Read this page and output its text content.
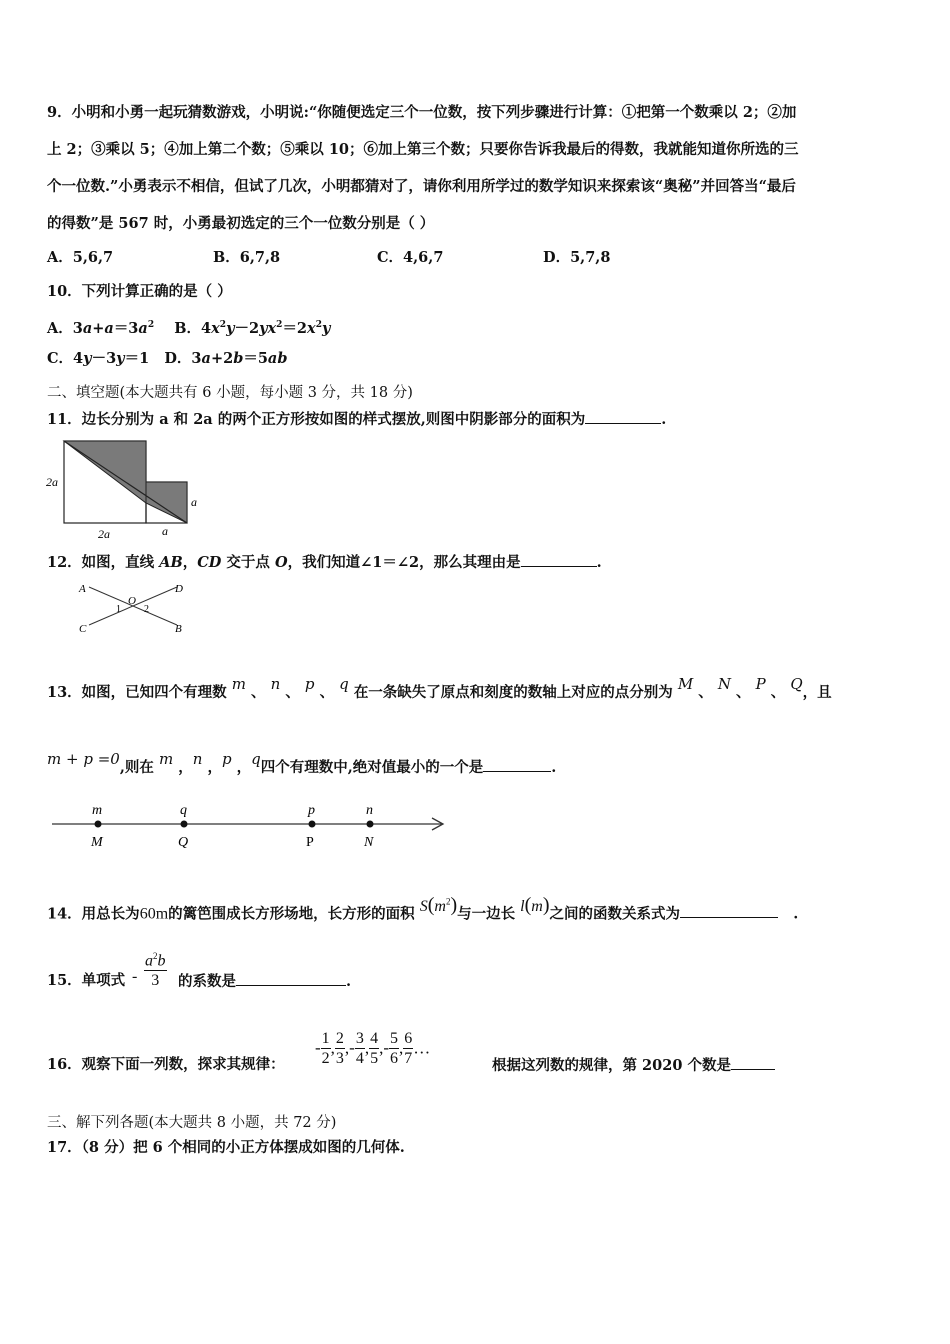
9．小明和小勇一起玩猜数游戏，小明说:“你随便选定三个一位数，按下列步骤进行计算：①把第一个数乘以 2；②加
上 2；③乘以 5；④加上第二个数；⑤乘以 10；⑥加上第三个数；只要你告诉我最后的得数，我就能知道你所选的三
个一位数.”小勇表示不相信，但试了几次，小明都猜对了，请你利用所学过的数学知识来探索该“奥秘”并回答当“最后
的得数”是 567 时，小勇最初选定的三个一位数分别是（ ）
A．5,6,7	B．6,7,8	C．4,6,7	D．5,7,8
10．下列计算正确的是（ ）
A．$3a+a=3a^2$ B．$4x^2y-2yx^2=2x^2y$
C．4y－3y＝1 D．3a+2b＝5ab
二、填空题(本大题共有 6 小题，每小题 3 分，共 18 分)
11．边长分别为 a 和 2a 的两个正方形按如图的样式摆放,则图中阴影部分的面积为	.
2a
2a	a
a
12．如图，直线 AB，CD 交于点 O，我们知道∠1＝∠2，那么其理由是	.
A	D
C	B
O
1 2
13．如图，已知四个有理数 m 、 n 、 p 、 q 在一条缺失了原点和刻度的数轴上对应的点分别为 M 、 N 、 P 、 Q，且
m + p =0,则在 m ，n ，p ，q四个有理数中,绝对值最小的一个是	.
m	q	p	n
M	Q	P	N
14．用总长为60m的篱笆围成长方形场地，长方形的面积 $S(m^2)$与一边长 l(m)之间的函数关系式为	.
15．单项式 - $\frac{a^2b}{3}$ 的系数是	.
16．观察下面一列数，探求其规律：
- $\frac{1}{2}$ , $\frac{2}{3}$ ,- $\frac{3}{4}$ , $\frac{4}{5}$ ,- $\frac{5}{6}$ , $\frac{6}{7}$ …
根据这列数的规律，第 2020 个数是
三、解下列各题(本大题共 8 小题，共 72 分)
17．（8 分）把 6 个相同的小正方体摆成如图的几何体.
